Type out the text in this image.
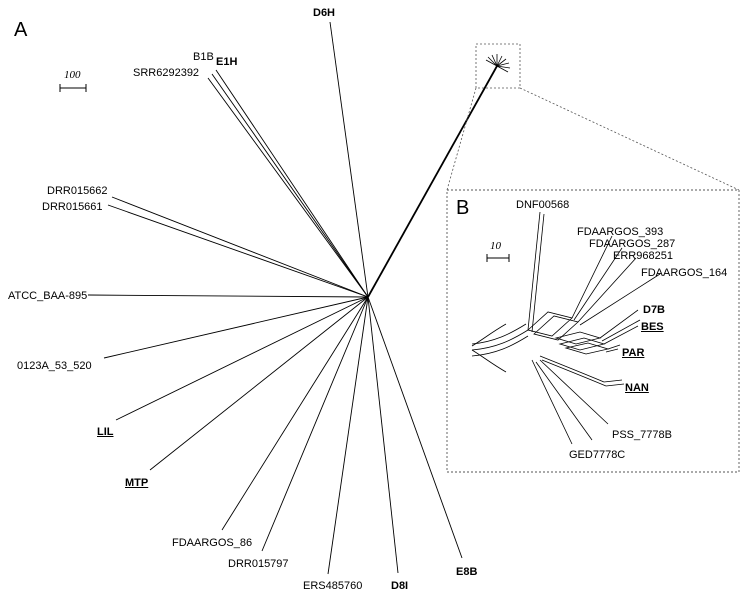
A
B
100
10
D6H
B1B E1H
SRR6292392
DRR015662
DRR015661
ATCC_BAA-895
0123A_53_520
LIL
MTP
FDAARGOS_86
DRR015797
ERS485760	D8I
E8B
DNF00568
FDAARGOS_393
FDAARGOS_287
ERR968251
FDAARGOS_164
D7B
BES
PAR
NAN
PSS_7778B
GED7778C
